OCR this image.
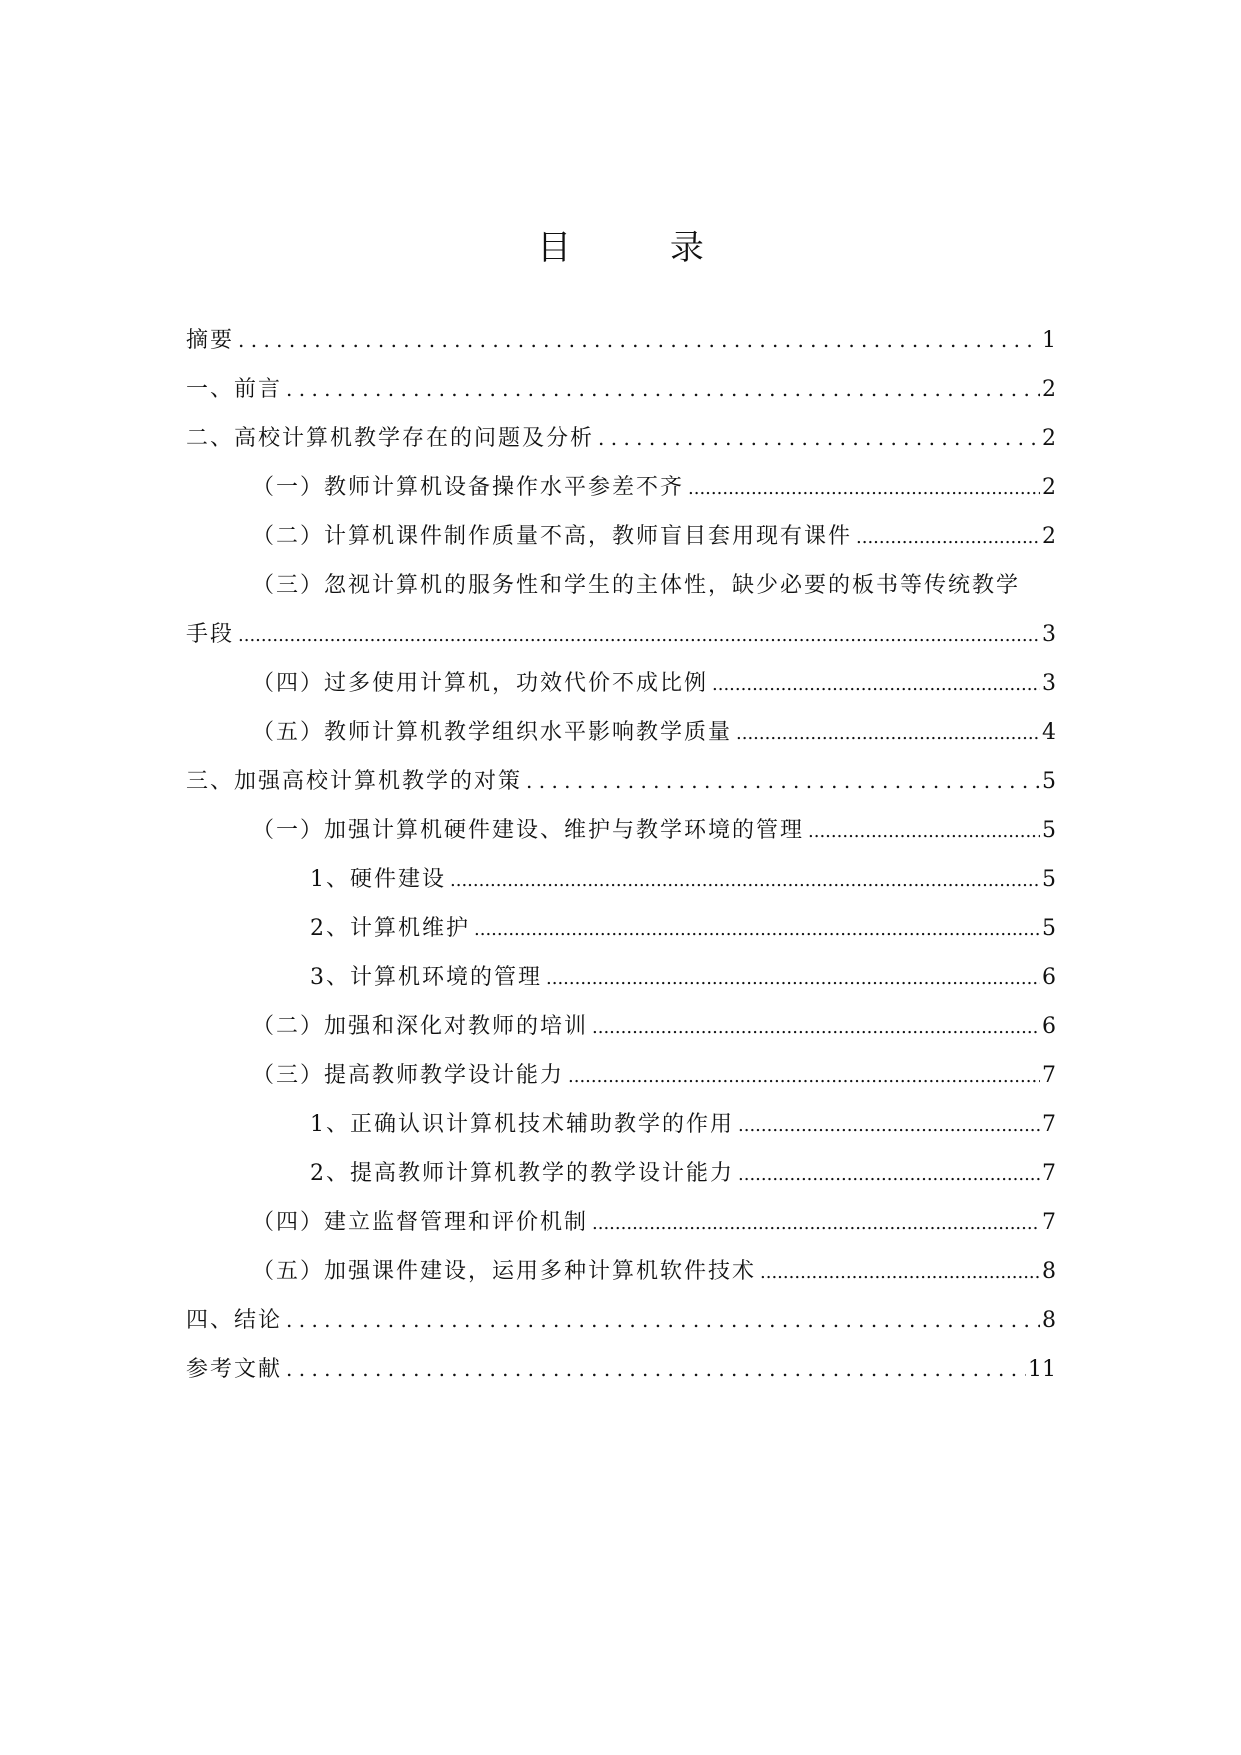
目 录
摘要 . . .	1
一、前言 . . .	2
二、高校计算机教学存在的问题及分析 . . .	2
（一）教师计算机设备操作水平参差不齐 .....	2
（二）计算机课件制作质量不高，教师盲目套用现有课件 .....	2
（三）忽视计算机的服务性和学生的主体性，缺少必要的板书等传统教学
手段 .....	3
（四）过多使用计算机，功效代价不成比例 .....	3
（五）教师计算机教学组织水平影响教学质量 .....	4
三、加强高校计算机教学的对策 . . .	5
（一）加强计算机硬件建设、维护与教学环境的管理 .....	5
1、硬件建设 .....	5
2、计算机维护 .....	5
3、计算机环境的管理 .....	6
（二）加强和深化对教师的培训 .....	6
（三）提高教师教学设计能力 .....	7
1、正确认识计算机技术辅助教学的作用 .....	7
2、提高教师计算机教学的教学设计能力 .....	7
（四）建立监督管理和评价机制 .....	7
（五）加强课件建设，运用多种计算机软件技术 .....	8
四、结论 . . .	8
参考文献 . . .	11
